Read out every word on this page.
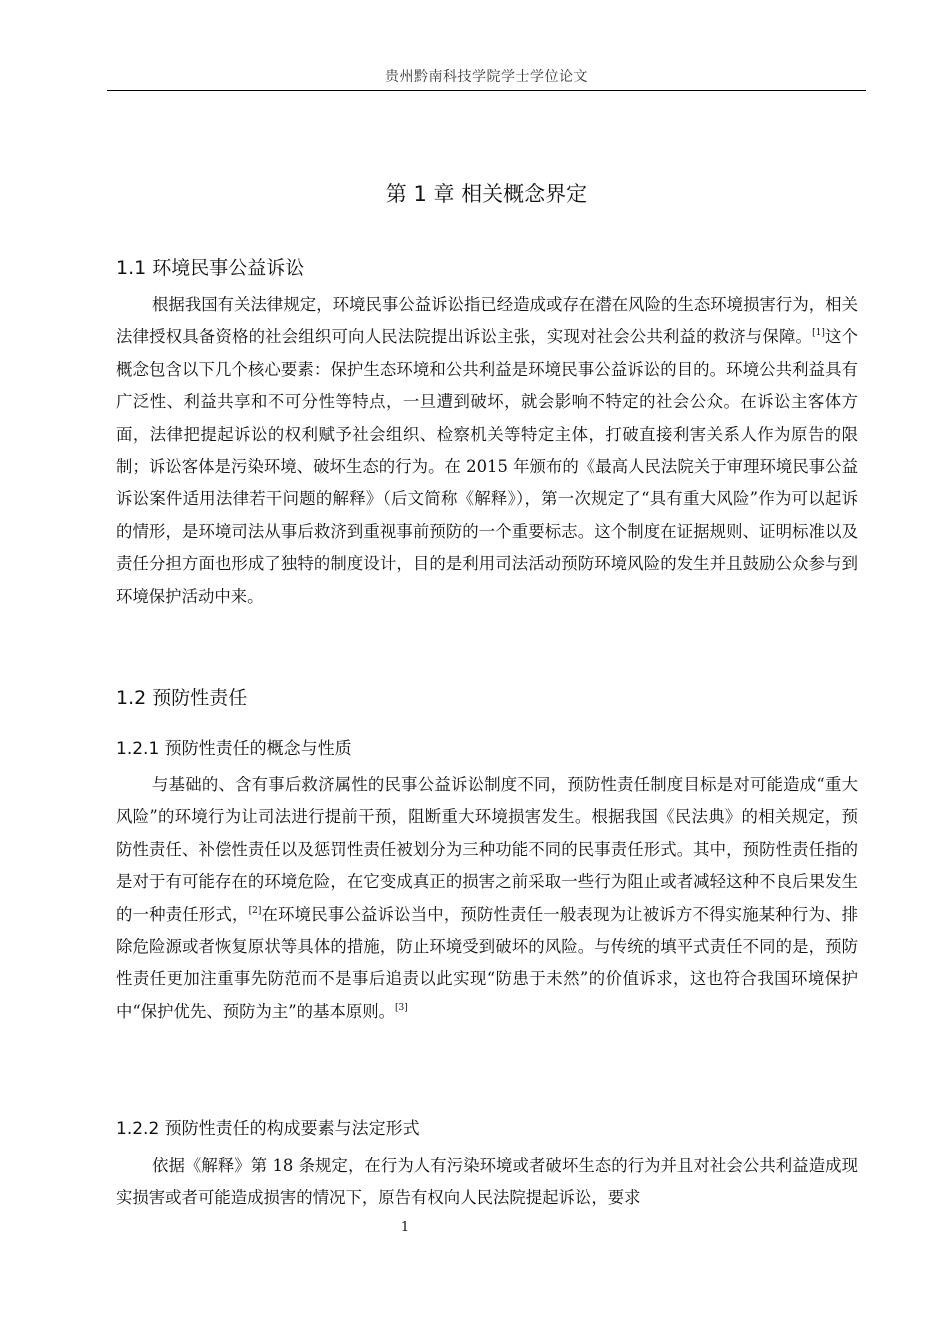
贵州黔南科技学院学士学位论文
第 1 章 相关概念界定
1.1 环境民事公益诉讼

根据我国有关法律规定，环境民事公益诉讼指已经造成或存在潜在风险的生态环境损害行为，相关法律授权具备资格的社会组织可向人民法院提出诉讼主张，实现对社会公共利益的救济与保障。[1]这个概念包含以下几个核心要素：保护生态环境和公共利益是环境民事公益诉讼的目的。环境公共利益具有广泛性、利益共享和不可分性等特点，一旦遭到破坏，就会影响不特定的社会公众。在诉讼主客体方面，法律把提起诉讼的权利赋予社会组织、检察机关等特定主体，打破直接利害关系人作为原告的限制；诉讼客体是污染环境、破坏生态的行为。在 2015 年颁布的《最高人民法院关于审理环境民事公益诉讼案件适用法律若干问题的解释》（后文简称《解释》），第一次规定了“具有重大风险”作为可以起诉的情形，是环境司法从事后救济到重视事前预防的一个重要标志。这个制度在证据规则、证明标准以及责任分担方面也形成了独特的制度设计，目的是利用司法活动预防环境风险的发生并且鼓励公众参与到环境保护活动中来。

1.2 预防性责任
1.2.1 预防性责任的概念与性质

与基础的、含有事后救济属性的民事公益诉讼制度不同，预防性责任制度目标是对可能造成“重大风险”的环境行为让司法进行提前干预，阻断重大环境损害发生。根据我国《民法典》的相关规定，预防性责任、补偿性责任以及惩罚性责任被划分为三种功能不同的民事责任形式。其中，预防性责任指的是对于有可能存在的环境危险，在它变成真正的损害之前采取一些行为阻止或者减轻这种不良后果发生的一种责任形式，[2]在环境民事公益诉讼当中，预防性责任一般表现为让被诉方不得实施某种行为、排除危险源或者恢复原状等具体的措施，防止环境受到破坏的风险。与传统的填平式责任不同的是，预防性责任更加注重事先防范而不是事后追责以此实现“防患于未然”的价值诉求，这也符合我国环境保护中“保护优先、预防为主”的基本原则。[3]

1.2.2 预防性责任的构成要素与法定形式

依据《解释》第 18 条规定，在行为人有污染环境或者破坏生态的行为并且对社会公共利益造成现实损害或者可能造成损害的情况下，原告有权向人民法院提起诉讼，要求

1
